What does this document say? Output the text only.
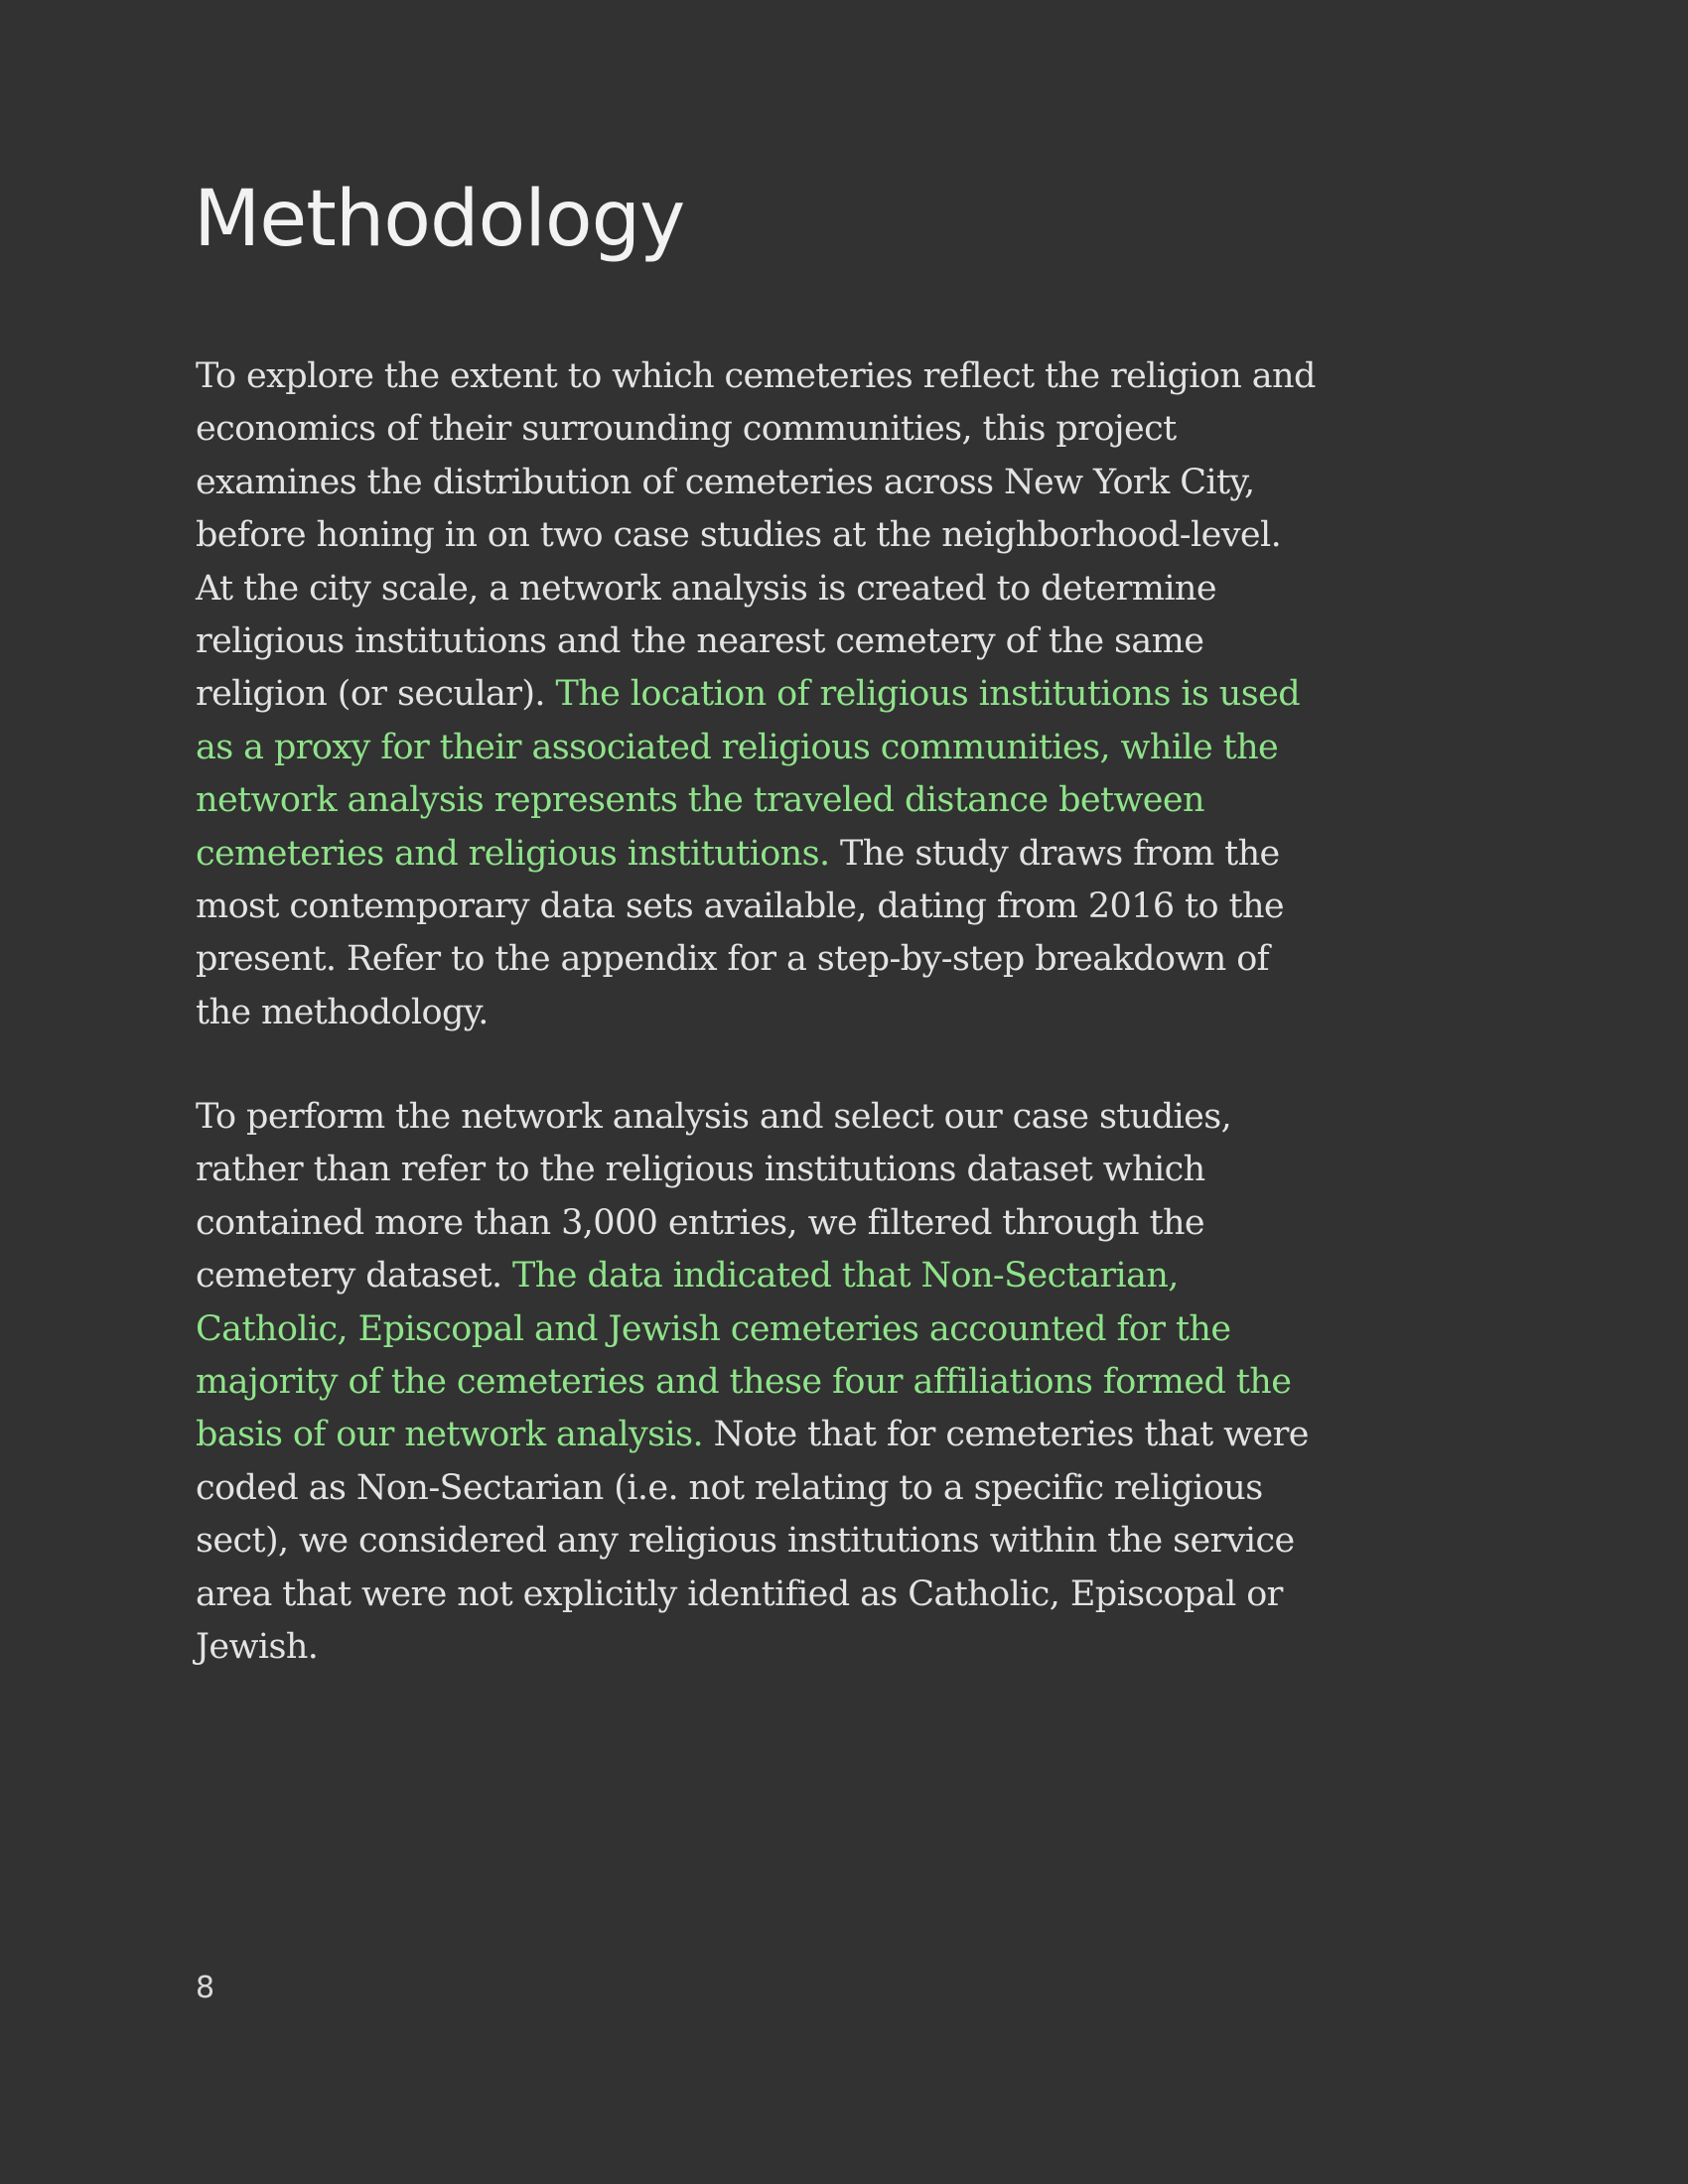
Methodology

To explore the extent to which cemeteries reflect the religion and economics of their surrounding communities, this project examines the distribution of cemeteries across New York City, before honing in on two case studies at the neighborhood-level. At the city scale, a network analysis is created to determine religious institutions and the nearest cemetery of the same religion (or secular). The location of religious institutions is used as a proxy for their associated religious communities, while the network analysis represents the traveled distance between cemeteries and religious institutions. The study draws from the most contemporary data sets available, dating from 2016 to the present. Refer to the appendix for a step-by-step breakdown of the methodology.

To perform the network analysis and select our case studies, rather than refer to the religious institutions dataset which contained more than 3,000 entries, we filtered through the cemetery dataset. The data indicated that Non-Sectarian, Catholic, Episcopal and Jewish cemeteries accounted for the majority of the cemeteries and these four affiliations formed the basis of our network analysis. Note that for cemeteries that were coded as Non-Sectarian (i.e. not relating to a specific religious sect), we considered any religious institutions within the service area that were not explicitly identified as Catholic, Episcopal or Jewish.

8
